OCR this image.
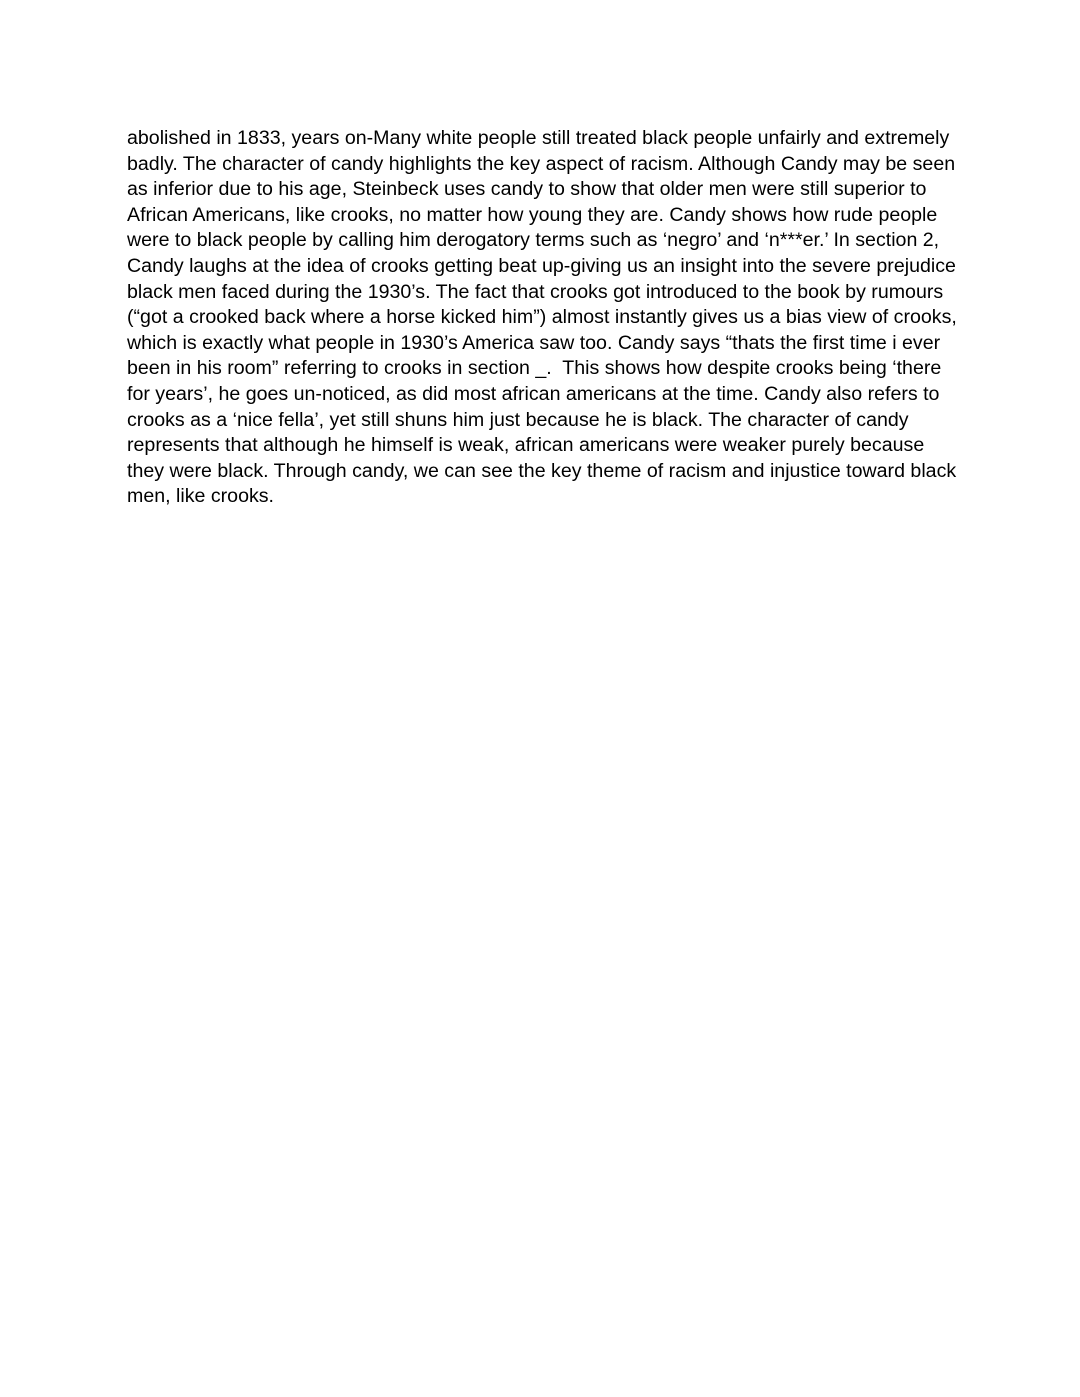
abolished in 1833, years on-Many white people still treated black people unfairly and extremely
badly. The character of candy highlights the key aspect of racism. Although Candy may be seen
as inferior due to his age, Steinbeck uses candy to show that older men were still superior to
African Americans, like crooks, no matter how young they are. Candy shows how rude people
were to black people by calling him derogatory terms such as ‘negro’ and ‘n***er.’ In section 2,
Candy laughs at the idea of crooks getting beat up-giving us an insight into the severe prejudice
black men faced during the 1930’s. The fact that crooks got introduced to the book by rumours
(“got a crooked back where a horse kicked him”) almost instantly gives us a bias view of crooks,
which is exactly what people in 1930’s America saw too. Candy says “thats the first time i ever
been in his room” referring to crooks in section _.  This shows how despite crooks being ‘there
for years’, he goes un-noticed, as did most african americans at the time. Candy also refers to
crooks as a ‘nice fella’, yet still shuns him just because he is black. The character of candy
represents that although he himself is weak, african americans were weaker purely because
they were black. Through candy, we can see the key theme of racism and injustice toward black
men, like crooks.
